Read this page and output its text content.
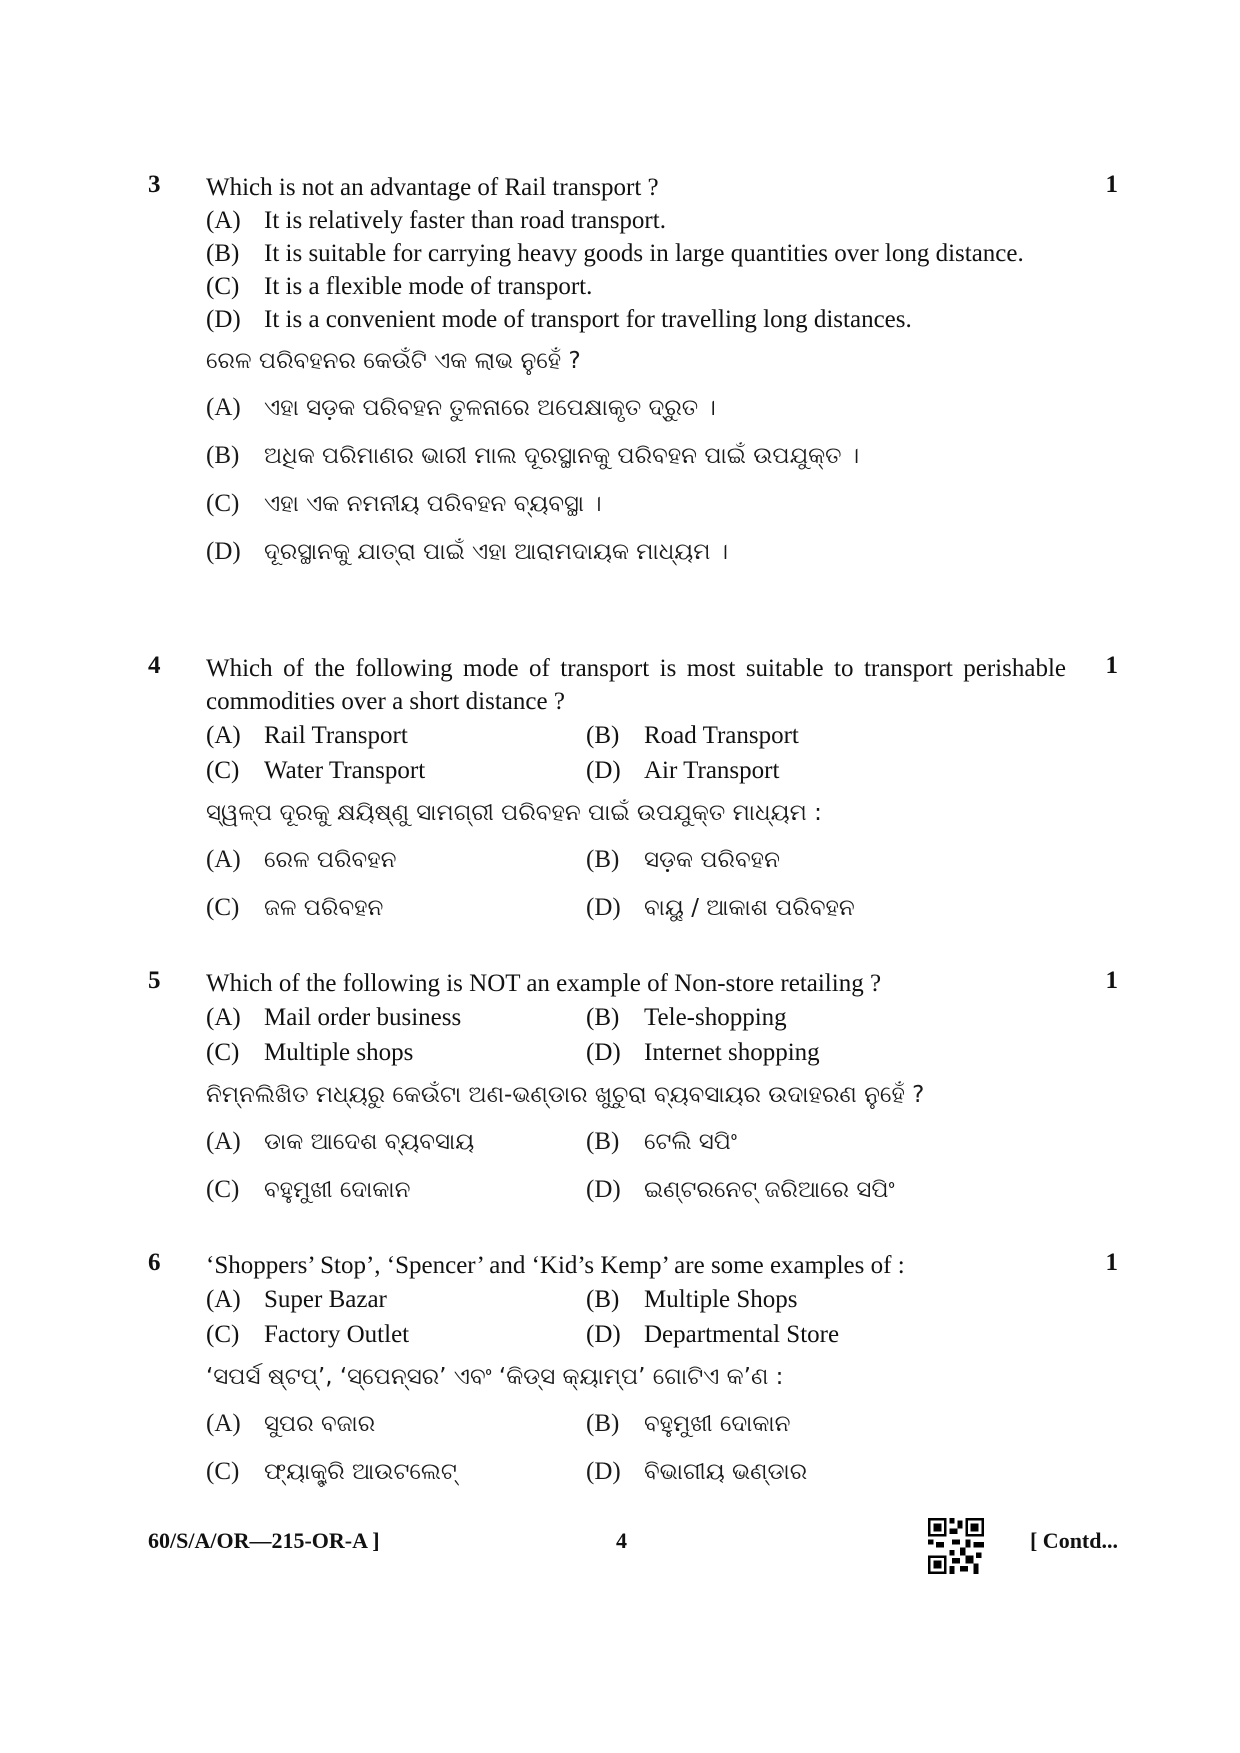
3	1
Which is not an advantage of Rail transport ?
(A) It is relatively faster than road transport.
(B) It is suitable for carrying heavy goods in large quantities over long distance.
(C) It is a flexible mode of transport.
(D) It is a convenient mode of transport for travelling long distances.
ରେଳ ପରିବହନର କେଉଁଟି ଏକ ଲାଭ ନୁହେଁ ?
(A)	ଏହା ସଡ଼କ ପରିବହନ ତୁଳନାରେ ଅପେକ୍ଷାକୃତ ଦ୍ରୁତ ।
(B)	ଅଧିକ ପରିମାଣର ଭାରୀ ମାଲ ଦୂରସ୍ଥାନକୁ ପରିବହନ ପାଇଁ ଉପଯୁକ୍ତ ।
(C)	ଏହା ଏକ ନମନୀୟ ପରିବହନ ବ୍ୟବସ୍ଥା ।
(D)	ଦୂରସ୍ଥାନକୁ ଯାତ୍ରା ପାଇଁ ଏହା ଆରାମଦାୟକ ମାଧ୍ୟମ ।
4	1
Which of the following mode of transport is most suitable to transport perishable commodities over a short distance ?
(A) Rail Transport	(B) Road Transport
(C) Water Transport	(D) Air Transport
ସ୍ୱଳ୍ପ ଦୂରକୁ କ୍ଷୟିଷ୍ଣୁ ସାମଗ୍ରୀ ପରିବହନ ପାଇଁ ଉପଯୁକ୍ତ ମାଧ୍ୟମ :
(A)	ରେଳ ପରିବହନ	(B)	ସଡ଼କ ପରିବହନ
(C)	ଜଳ ପରିବହନ	(D)	ବାୟୁ / ଆକାଶ ପରିବହନ
5	1
Which of the following is NOT an example of Non-store retailing ?
(A) Mail order business	(B) Tele-shopping
(C) Multiple shops	(D) Internet shopping
ନିମ୍ନଲିଖିତ ମଧ୍ୟରୁ କେଉଁଟା ଅଣ-ଭଣ୍ଡାର ଖୁଚୁରା ବ୍ୟବସାୟର ଉଦାହରଣ ନୁହେଁ ?
(A)	ଡାକ ଆଦେଶ ବ୍ୟବସାୟ	(B)	ଟେଲି ସପିଂ
(C)	ବହୁମୁଖୀ ଦୋକାନ	(D)	ଇଣ୍ଟରନେଟ୍ ଜରିଆରେ ସପିଂ
6	1
‘Shoppers’ Stop’, ‘Spencer’ and ‘Kid’s Kemp’ are some examples of :
(A) Super Bazar	(B) Multiple Shops
(C) Factory Outlet	(D) Departmental Store
‘ସପର୍ସ ଷ୍ଟପ୍’, ‘ସ୍ପେନ୍ସର’ ଏବଂ ‘କିଡ୍ସ କ୍ୟାମ୍ପ’ ଗୋଟିଏ କ’ଣ :
(A)	ସୁପର ବଜାର	(B)	ବହୁମୁଖୀ ଦୋକାନ
(C)	ଫ୍ୟାକ୍ଟ୍ରି ଆଉଟଲେଟ୍	(D)	ବିଭାଗୀୟ ଭଣ୍ଡାର
60/S/A/OR—215-OR-A ]	4	[ Contd...
